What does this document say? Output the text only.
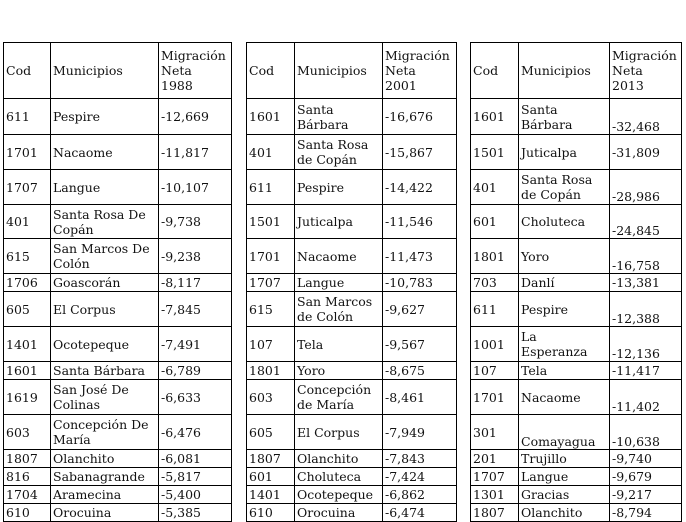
Cod	Municipios	Migración
Neta
1988
611	Pespire	-12,669
1701	Nacaome	-11,817
1707	Langue	-10,107
401	Santa Rosa De Copán	-9,738
615	San Marcos De Colón	-9,238
1706	Goascorán	-8,117
605	El Corpus	-7,845
1401	Ocotepeque	-7,491
1601	Santa Bárbara	-6,789
1619	San José De Colinas	-6,633
603	Concepción De María	-6,476
1807	Olanchito	-6,081
816	Sabanagrande	-5,817
1704	Aramecina	-5,400
610	Orocuina	-5,385
Cod	Municipios	Migración
Neta
2001
1601	Santa Bárbara	-16,676
401	Santa Rosa de Copán	-15,867
611	Pespire	-14,422
1501	Juticalpa	-11,546
1701	Nacaome	-11,473
1707	Langue	-10,783
615	San Marcos de Colón	-9,627
107	Tela	-9,567
1801	Yoro	-8,675
603	Concepción de María	-8,461
605	El Corpus	-7,949
1807	Olanchito	-7,843
601	Choluteca	-7,424
1401	Ocotepeque	-6,862
610	Orocuina	-6,474
Cod	Municipios	Migración
Neta
2013
1601	Santa Bárbara	-32,468
1501	Juticalpa	-31,809
401	Santa Rosa de Copán	-28,986
601	Choluteca	-24,845
1801	Yoro	-16,758
703	Danlí	-13,381
611	Pespire	-12,388
1001	La Esperanza	-12,136
107	Tela	-11,417
1701	Nacaome	-11,402
301	Comayagua	-10,638
201	Trujillo	-9,740
1707	Langue	-9,679
1301	Gracias	-9,217
1807	Olanchito	-8,794
